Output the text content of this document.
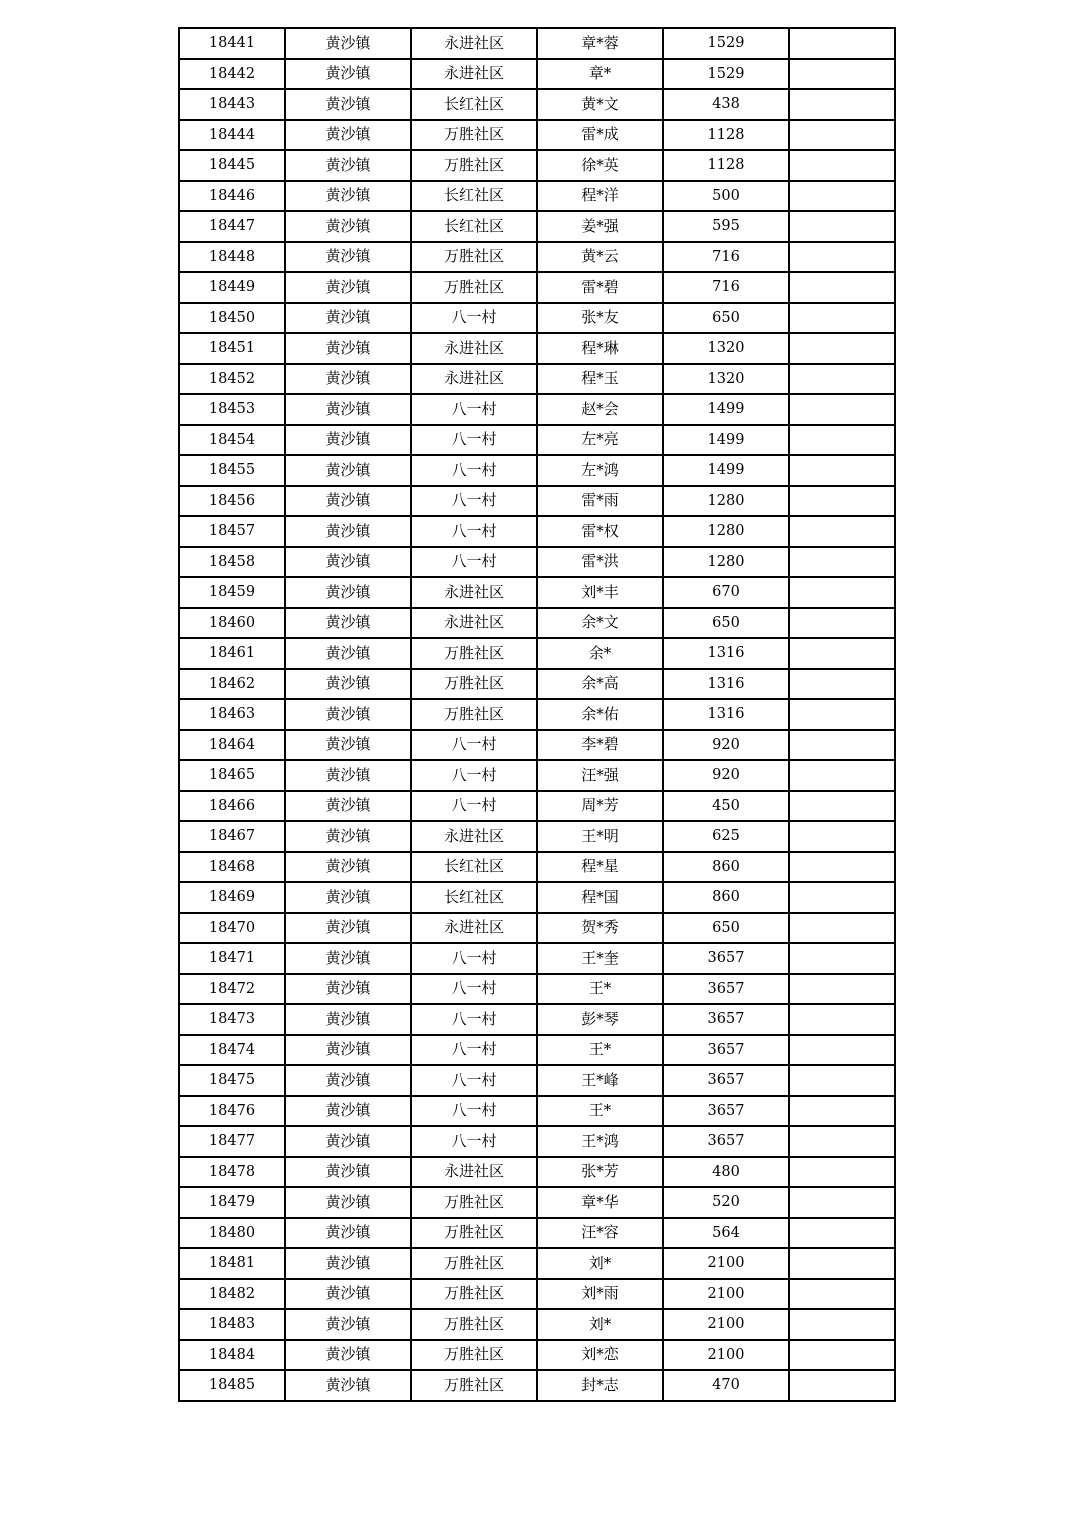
18441	黄沙镇	永进社区	章*蓉	1529	
18442	黄沙镇	永进社区	章*	1529	
18443	黄沙镇	长红社区	黄*文	438	
18444	黄沙镇	万胜社区	雷*成	1128	
18445	黄沙镇	万胜社区	徐*英	1128	
18446	黄沙镇	长红社区	程*洋	500	
18447	黄沙镇	长红社区	姜*强	595	
18448	黄沙镇	万胜社区	黄*云	716	
18449	黄沙镇	万胜社区	雷*碧	716	
18450	黄沙镇	八一村	张*友	650	
18451	黄沙镇	永进社区	程*琳	1320	
18452	黄沙镇	永进社区	程*玉	1320	
18453	黄沙镇	八一村	赵*会	1499	
18454	黄沙镇	八一村	左*亮	1499	
18455	黄沙镇	八一村	左*鸿	1499	
18456	黄沙镇	八一村	雷*雨	1280	
18457	黄沙镇	八一村	雷*权	1280	
18458	黄沙镇	八一村	雷*洪	1280	
18459	黄沙镇	永进社区	刘*丰	670	
18460	黄沙镇	永进社区	余*文	650	
18461	黄沙镇	万胜社区	余*	1316	
18462	黄沙镇	万胜社区	余*高	1316	
18463	黄沙镇	万胜社区	余*佑	1316	
18464	黄沙镇	八一村	李*碧	920	
18465	黄沙镇	八一村	汪*强	920	
18466	黄沙镇	八一村	周*芳	450	
18467	黄沙镇	永进社区	王*明	625	
18468	黄沙镇	长红社区	程*星	860	
18469	黄沙镇	长红社区	程*国	860	
18470	黄沙镇	永进社区	贺*秀	650	
18471	黄沙镇	八一村	王*奎	3657	
18472	黄沙镇	八一村	王*	3657	
18473	黄沙镇	八一村	彭*琴	3657	
18474	黄沙镇	八一村	王*	3657	
18475	黄沙镇	八一村	王*峰	3657	
18476	黄沙镇	八一村	王*	3657	
18477	黄沙镇	八一村	王*鸿	3657	
18478	黄沙镇	永进社区	张*芳	480	
18479	黄沙镇	万胜社区	章*华	520	
18480	黄沙镇	万胜社区	汪*容	564	
18481	黄沙镇	万胜社区	刘*	2100	
18482	黄沙镇	万胜社区	刘*雨	2100	
18483	黄沙镇	万胜社区	刘*	2100	
18484	黄沙镇	万胜社区	刘*恋	2100	
18485	黄沙镇	万胜社区	封*志	470	
